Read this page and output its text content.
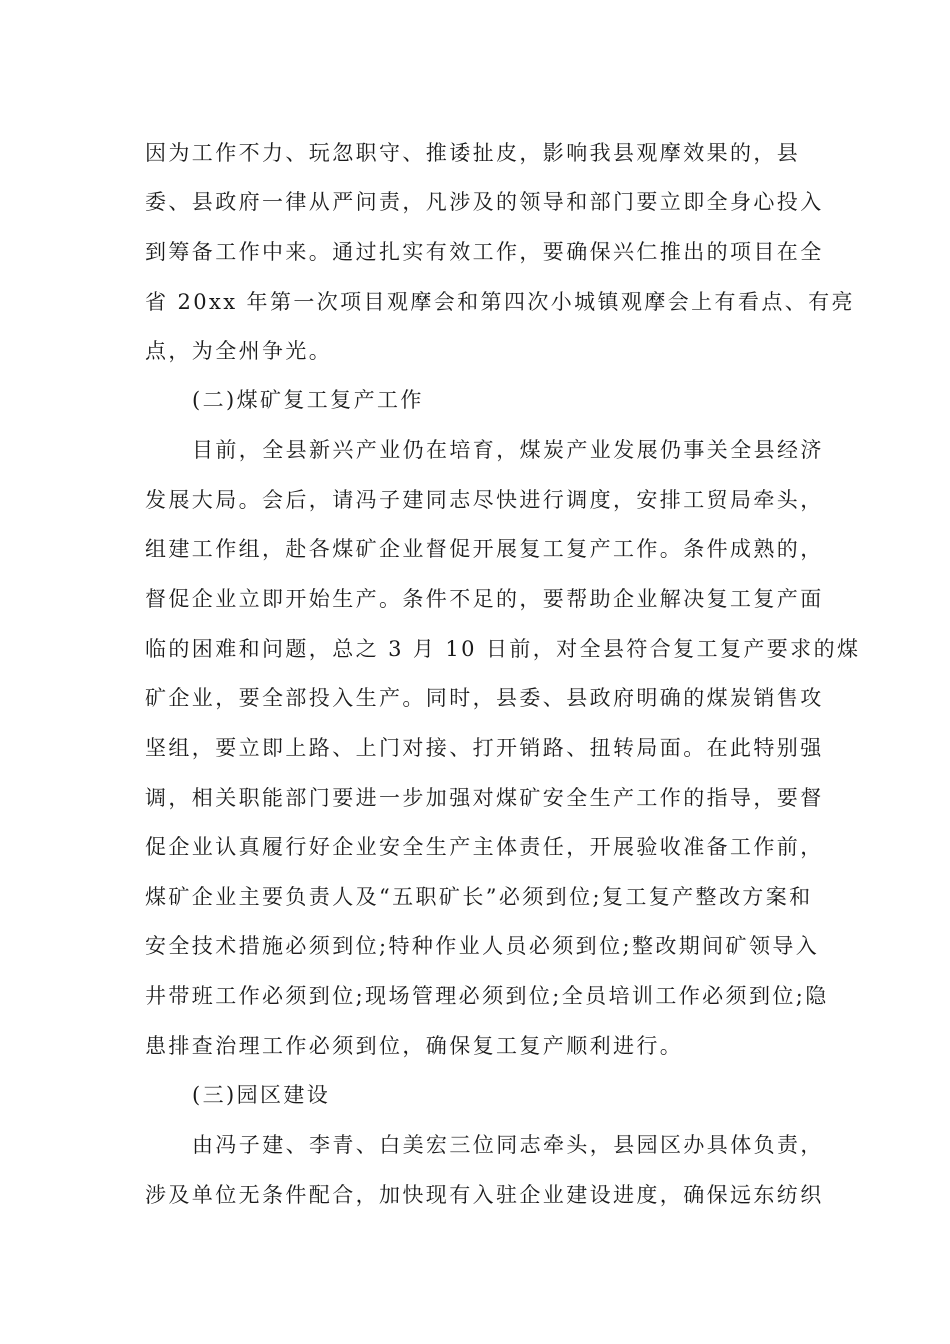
因为工作不力、玩忽职守、推诿扯皮，影响我县观摩效果的，县
委、县政府一律从严问责，凡涉及的领导和部门要立即全身心投入
到筹备工作中来。通过扎实有效工作，要确保兴仁推出的项目在全
省 20xx 年第一次项目观摩会和第四次小城镇观摩会上有看点、有亮
点，为全州争光。
(二)煤矿复工复产工作
目前，全县新兴产业仍在培育，煤炭产业发展仍事关全县经济
发展大局。会后，请冯子建同志尽快进行调度，安排工贸局牵头，
组建工作组，赴各煤矿企业督促开展复工复产工作。条件成熟的，
督促企业立即开始生产。条件不足的，要帮助企业解决复工复产面
临的困难和问题，总之 3 月 10 日前，对全县符合复工复产要求的煤
矿企业，要全部投入生产。同时，县委、县政府明确的煤炭销售攻
坚组，要立即上路、上门对接、打开销路、扭转局面。在此特别强
调，相关职能部门要进一步加强对煤矿安全生产工作的指导，要督
促企业认真履行好企业安全生产主体责任，开展验收准备工作前，
煤矿企业主要负责人及“五职矿长”必须到位;复工复产整改方案和
安全技术措施必须到位;特种作业人员必须到位;整改期间矿领导入
井带班工作必须到位;现场管理必须到位;全员培训工作必须到位;隐
患排查治理工作必须到位，确保复工复产顺利进行。
(三)园区建设
由冯子建、李青、白美宏三位同志牵头，县园区办具体负责，
涉及单位无条件配合，加快现有入驻企业建设进度，确保远东纺织
